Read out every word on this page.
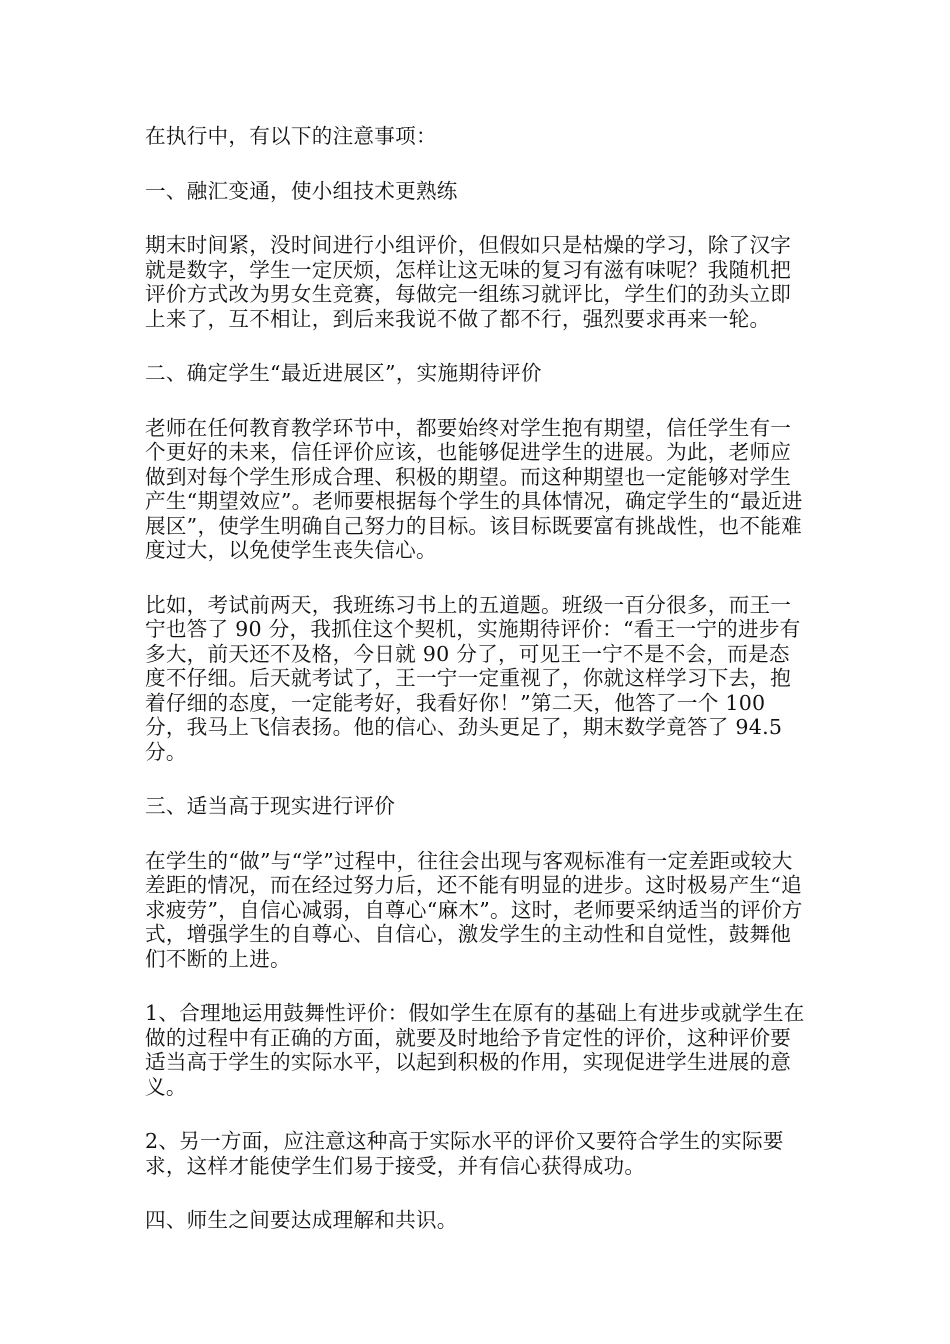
在执行中，有以下的注意事项：

一、融汇变通，使小组技术更熟练

期末时间紧，没时间进行小组评价，但假如只是枯燥的学习，除了汉字就是数字，学生一定厌烦，怎样让这无味的复习有滋有味呢？我随机把评价方式改为男女生竞赛，每做完一组练习就评比，学生们的劲头立即上来了，互不相让，到后来我说不做了都不行，强烈要求再来一轮。

二、确定学生“最近进展区”，实施期待评价

老师在任何教育教学环节中，都要始终对学生抱有期望，信任学生有一个更好的未来，信任评价应该，也能够促进学生的进展。为此，老师应做到对每个学生形成合理、积极的期望。而这种期望也一定能够对学生产生“期望效应”。老师要根据每个学生的具体情况，确定学生的“最近进展区”，使学生明确自己努力的目标。该目标既要富有挑战性，也不能难度过大，以免使学生丧失信心。

比如，考试前两天，我班练习书上的五道题。班级一百分很多，而王一宁也答了 90 分，我抓住这个契机，实施期待评价：“看王一宁的进步有多大，前天还不及格，今日就 90 分了，可见王一宁不是不会，而是态度不仔细。后天就考试了，王一宁一定重视了，你就这样学习下去，抱着仔细的态度，一定能考好，我看好你！”第二天，他答了一个 100 分，我马上飞信表扬。他的信心、劲头更足了，期末数学竟答了 94.5 分。

三、适当高于现实进行评价

在学生的“做”与“学”过程中，往往会出现与客观标准有一定差距或较大差距的情况，而在经过努力后，还不能有明显的进步。这时极易产生“追求疲劳”，自信心减弱，自尊心“麻木”。这时，老师要采纳适当的评价方式，增强学生的自尊心、自信心，激发学生的主动性和自觉性，鼓舞他们不断的上进。

1、合理地运用鼓舞性评价：假如学生在原有的基础上有进步或就学生在做的过程中有正确的方面，就要及时地给予肯定性的评价，这种评价要适当高于学生的实际水平，以起到积极的作用，实现促进学生进展的意义。

2、另一方面，应注意这种高于实际水平的评价又要符合学生的实际要求，这样才能使学生们易于接受，并有信心获得成功。

四、师生之间要达成理解和共识。
